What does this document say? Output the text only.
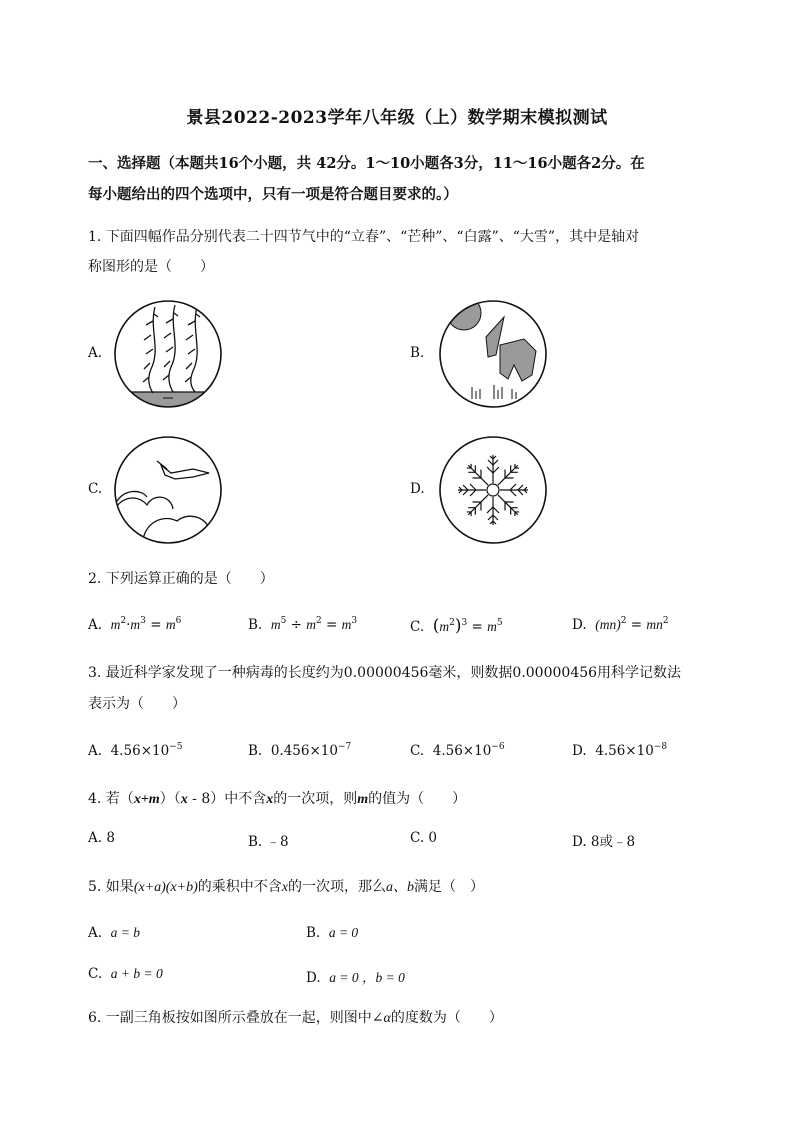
景县2022-2023学年八年级（上）数学期末模拟测试
一、选择题（本题共16个小题，共 42分。1～10小题各3分，11～16小题各2分。在
每小题给出的四个选项中，只有一项是符合题目要求的。）
1. 下面四幅作品分别代表二十四节气中的“立春”、“芒种”、“白露”、“大雪”，其中是轴对
称图形的是（　　）
A.	B.
C.	D.
2. 下列运算正确的是（　　）
A. $m^2\cdot m^3 = m^6$	B. $m^5 \div m^2 = m^3$	C. $(m^2)^3 = m^5$	D. $(mn)^2 = mn^2$
3. 最近科学家发现了一种病毒的长度约为0.00000456毫米，则数据0.00000456用科学记数法
表示为（　　）
A. $4.56\times 10^{-5}$	B. $0.456\times 10^{-7}$	C. $4.56\times 10^{-6}$	D. $4.56\times 10^{-8}$
4. 若（x+m）（x - 8）中不含x的一次项，则m的值为（　　）
A. 8	B. ﹣8	C. 0	D. 8或﹣8
5. 如果(x+a)(x+b)的乘积中不含x的一次项，那么a、b满足（　）
A. a = b	B. a = 0
C. a + b = 0	D. a = 0 ，b = 0
6. 一副三角板按如图所示叠放在一起，则图中∠α的度数为（　　）
